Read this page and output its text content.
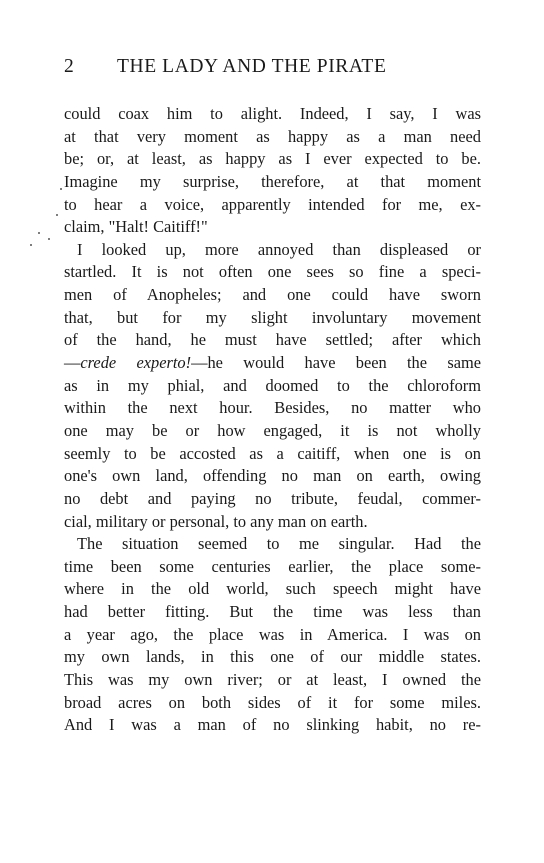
2 THE LADY AND THE PIRATE
could coax him to alight. Indeed, I say, I was
at that very moment as happy as a man need
be; or, at least, as happy as I ever expected to be.
Imagine my surprise, therefore, at that moment
to hear a voice, apparently intended for me, ex-
claim, "Halt! Caitiff!"
I looked up, more annoyed than displeased or
startled. It is not often one sees so fine a speci-
men of Anopheles; and one could have sworn
that, but for my slight involuntary movement
of the hand, he must have settled; after which
—crede experto!—he would have been the same
as in my phial, and doomed to the chloroform
within the next hour. Besides, no matter who
one may be or how engaged, it is not wholly
seemly to be accosted as a caitiff, when one is on
one's own land, offending no man on earth, owing
no debt and paying no tribute, feudal, commer-
cial, military or personal, to any man on earth.
The situation seemed to me singular. Had the
time been some centuries earlier, the place some-
where in the old world, such speech might have
had better fitting. But the time was less than
a year ago, the place was in America. I was on
my own lands, in this one of our middle states.
This was my own river; or at least, I owned the
broad acres on both sides of it for some miles.
And I was a man of no slinking habit, no re-
